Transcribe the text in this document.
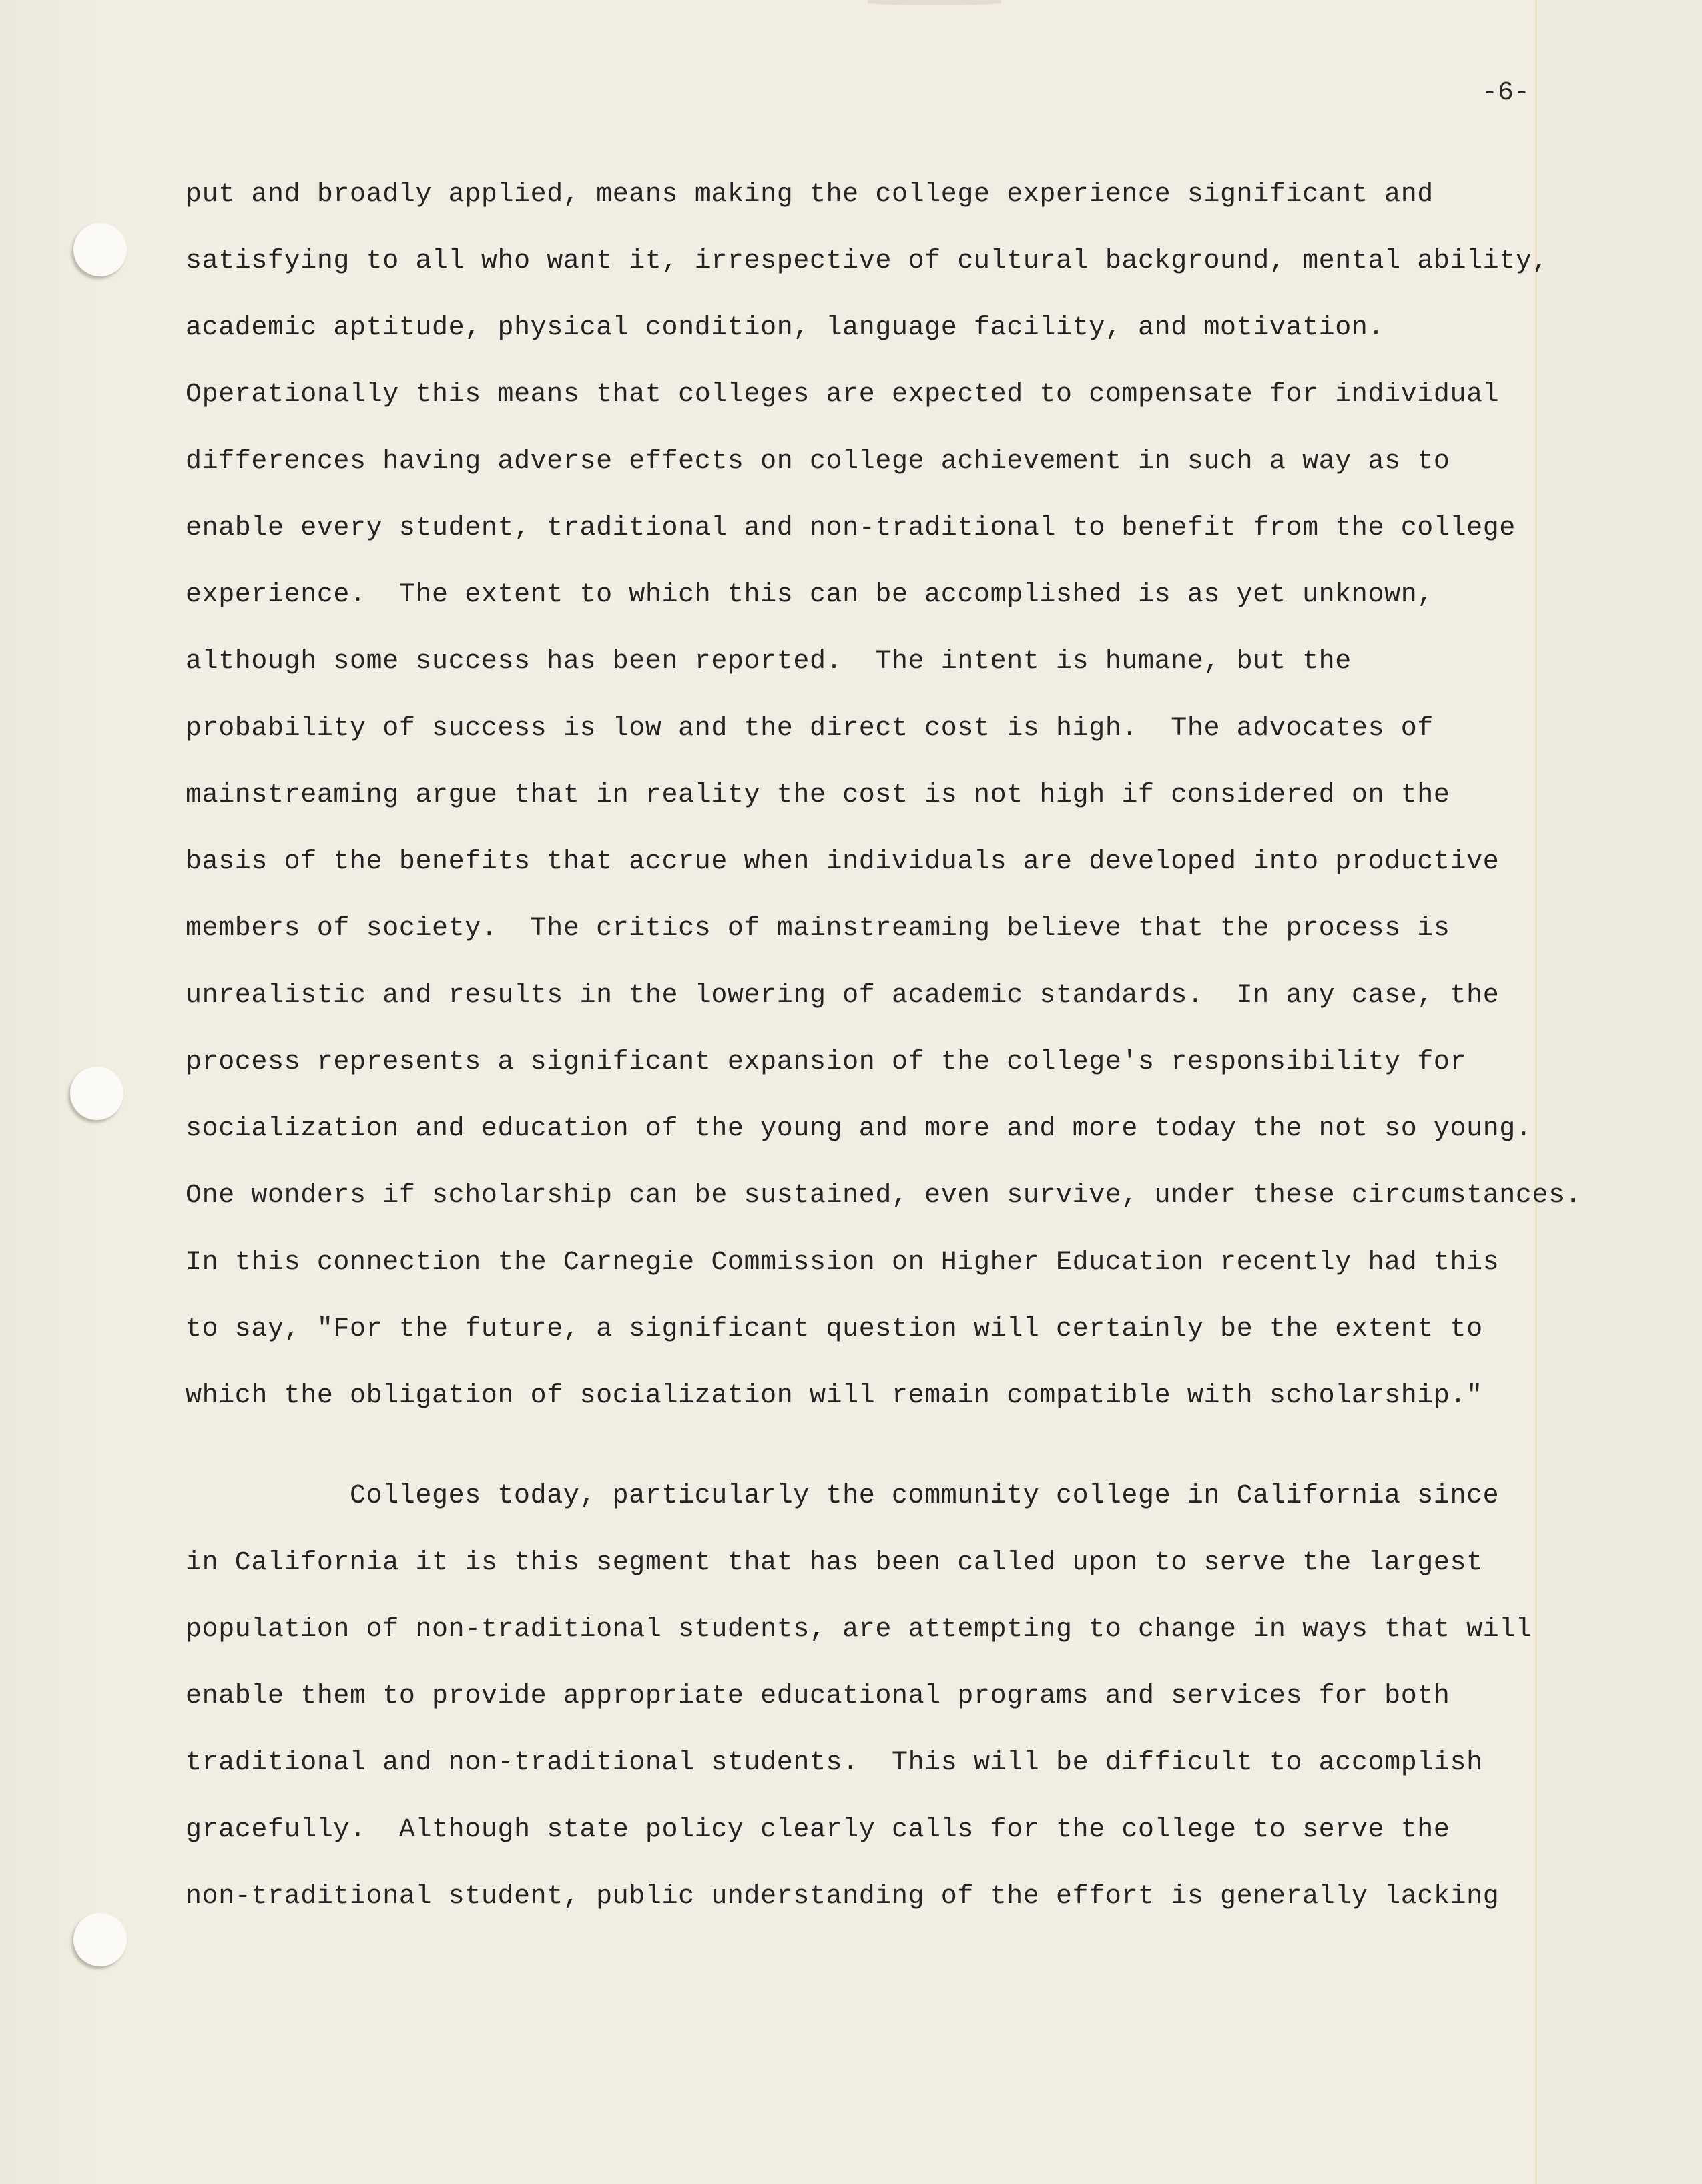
-6-
put and broadly applied, means making the college experience significant and
satisfying to all who want it, irrespective of cultural background, mental ability,
academic aptitude, physical condition, language facility, and motivation.
Operationally this means that colleges are expected to compensate for individual
differences having adverse effects on college achievement in such a way as to
enable every student, traditional and non-traditional to benefit from the college
experience.  The extent to which this can be accomplished is as yet unknown,
although some success has been reported.  The intent is humane, but the
probability of success is low and the direct cost is high.  The advocates of
mainstreaming argue that in reality the cost is not high if considered on the
basis of the benefits that accrue when individuals are developed into productive
members of society.  The critics of mainstreaming believe that the process is
unrealistic and results in the lowering of academic standards.  In any case, the
process represents a significant expansion of the college's responsibility for
socialization and education of the young and more and more today the not so young.
One wonders if scholarship can be sustained, even survive, under these circumstances.
In this connection the Carnegie Commission on Higher Education recently had this
to say, "For the future, a significant question will certainly be the extent to
which the obligation of socialization will remain compatible with scholarship."
Colleges today, particularly the community college in California since
in California it is this segment that has been called upon to serve the largest
population of non-traditional students, are attempting to change in ways that will
enable them to provide appropriate educational programs and services for both
traditional and non-traditional students.  This will be difficult to accomplish
gracefully.  Although state policy clearly calls for the college to serve the
non-traditional student, public understanding of the effort is generally lacking
